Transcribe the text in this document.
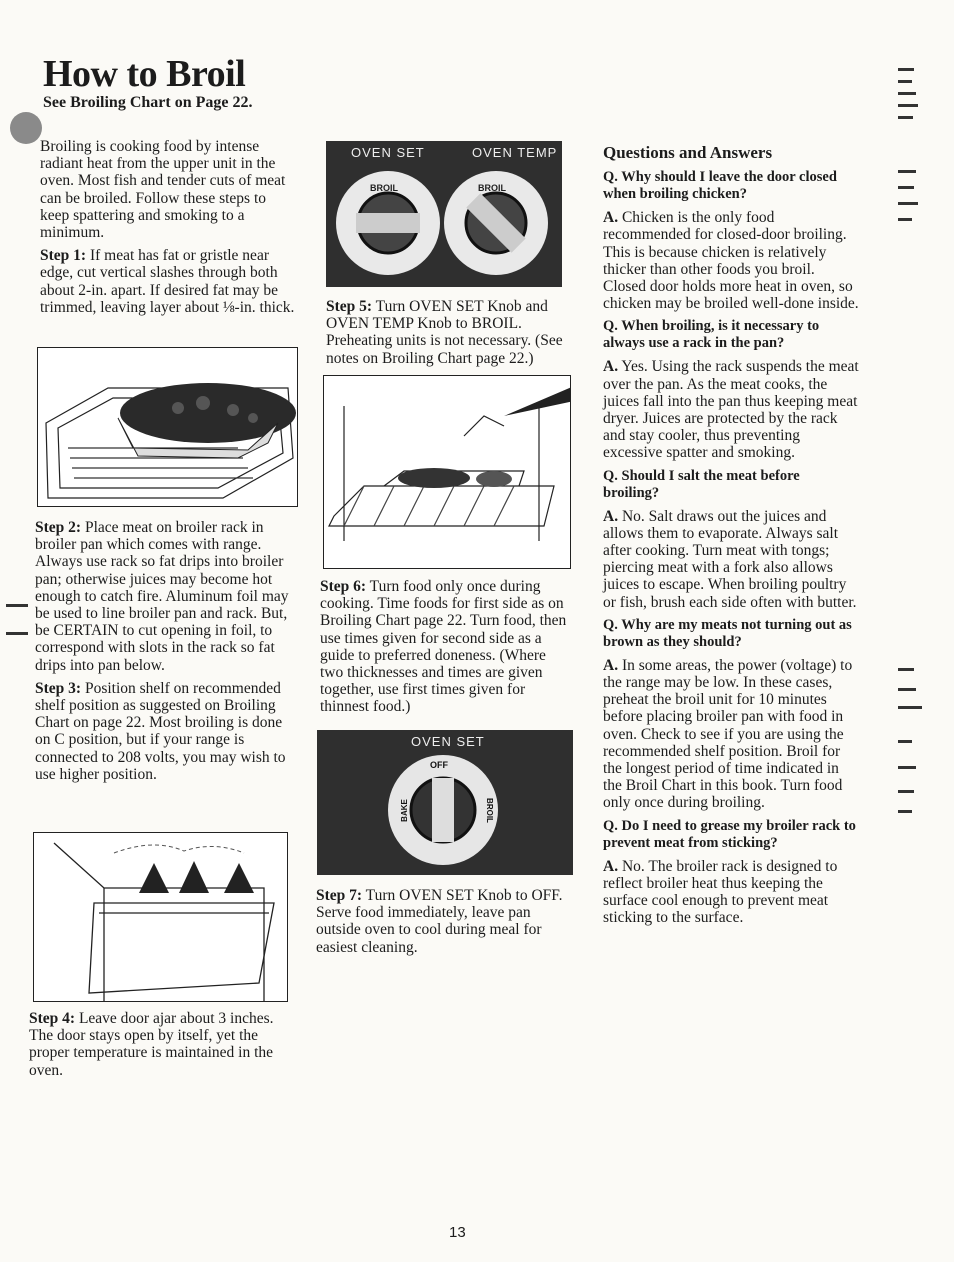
How to Broil
See Broiling Chart on Page 22.

Broiling is cooking food by intense radiant heat from the upper unit in the oven. Most fish and tender cuts of meat can be broiled. Follow these steps to keep spattering and smoking to a minimum.

Step 1: If meat has fat or gristle near edge, cut vertical slashes through both about 2-in. apart. If desired fat may be trimmed, leaving layer about ⅛-in. thick.

Step 2: Place meat on broiler rack in broiler pan which comes with range. Always use rack so fat drips into broiler pan; otherwise juices may become hot enough to catch fire. Aluminum foil may be used to line broiler pan and rack. But, be CERTAIN to cut opening in foil, to correspond with slots in the rack so fat drips into pan below.

Step 3: Position shelf on recommended shelf position as suggested on Broiling Chart on page 22. Most broiling is done on C position, but if your range is connected to 208 volts, you may wish to use higher position.

Step 4: Leave door ajar about 3 inches. The door stays open by itself, yet the proper temperature is maintained in the oven.

OVEN SET	OVEN TEMP
BROIL	BROIL

Step 5: Turn OVEN SET Knob and OVEN TEMP Knob to BROIL. Preheating units is not necessary. (See notes on Broiling Chart page 22.)

Step 6: Turn food only once during cooking. Time foods for first side as on Broiling Chart page 22. Turn food, then use times given for second side as a guide to preferred doneness. (Where two thicknesses and times are given together, use first times given for thinnest food.)

OVEN SET
OFF
BAKE	BROIL

Step 7: Turn OVEN SET Knob to OFF. Serve food immediately, leave pan outside oven to cool during meal for easiest cleaning.

Questions and Answers

Q. Why should I leave the door closed when broiling chicken?

A. Chicken is the only food recommended for closed-door broiling. This is because chicken is relatively thicker than other foods you broil. Closed door holds more heat in oven, so chicken may be broiled well-done inside.

Q. When broiling, is it necessary to always use a rack in the pan?

A. Yes. Using the rack suspends the meat over the pan. As the meat cooks, the juices fall into the pan thus keeping meat dryer. Juices are protected by the rack and stay cooler, thus preventing excessive spatter and smoking.

Q. Should I salt the meat before broiling?

A. No. Salt draws out the juices and allows them to evaporate. Always salt after cooking. Turn meat with tongs; piercing meat with a fork also allows juices to escape. When broiling poultry or fish, brush each side often with butter.

Q. Why are my meats not turning out as brown as they should?

A. In some areas, the power (voltage) to the range may be low. In these cases, preheat the broil unit for 10 minutes before placing broiler pan with food in oven. Check to see if you are using the recommended shelf position. Broil for the longest period of time indicated in the Broil Chart in this book. Turn food only once during broiling.

Q. Do I need to grease my broiler rack to prevent meat from sticking?

A. No. The broiler rack is designed to reflect broiler heat thus keeping the surface cool enough to prevent meat sticking to the surface.

13
